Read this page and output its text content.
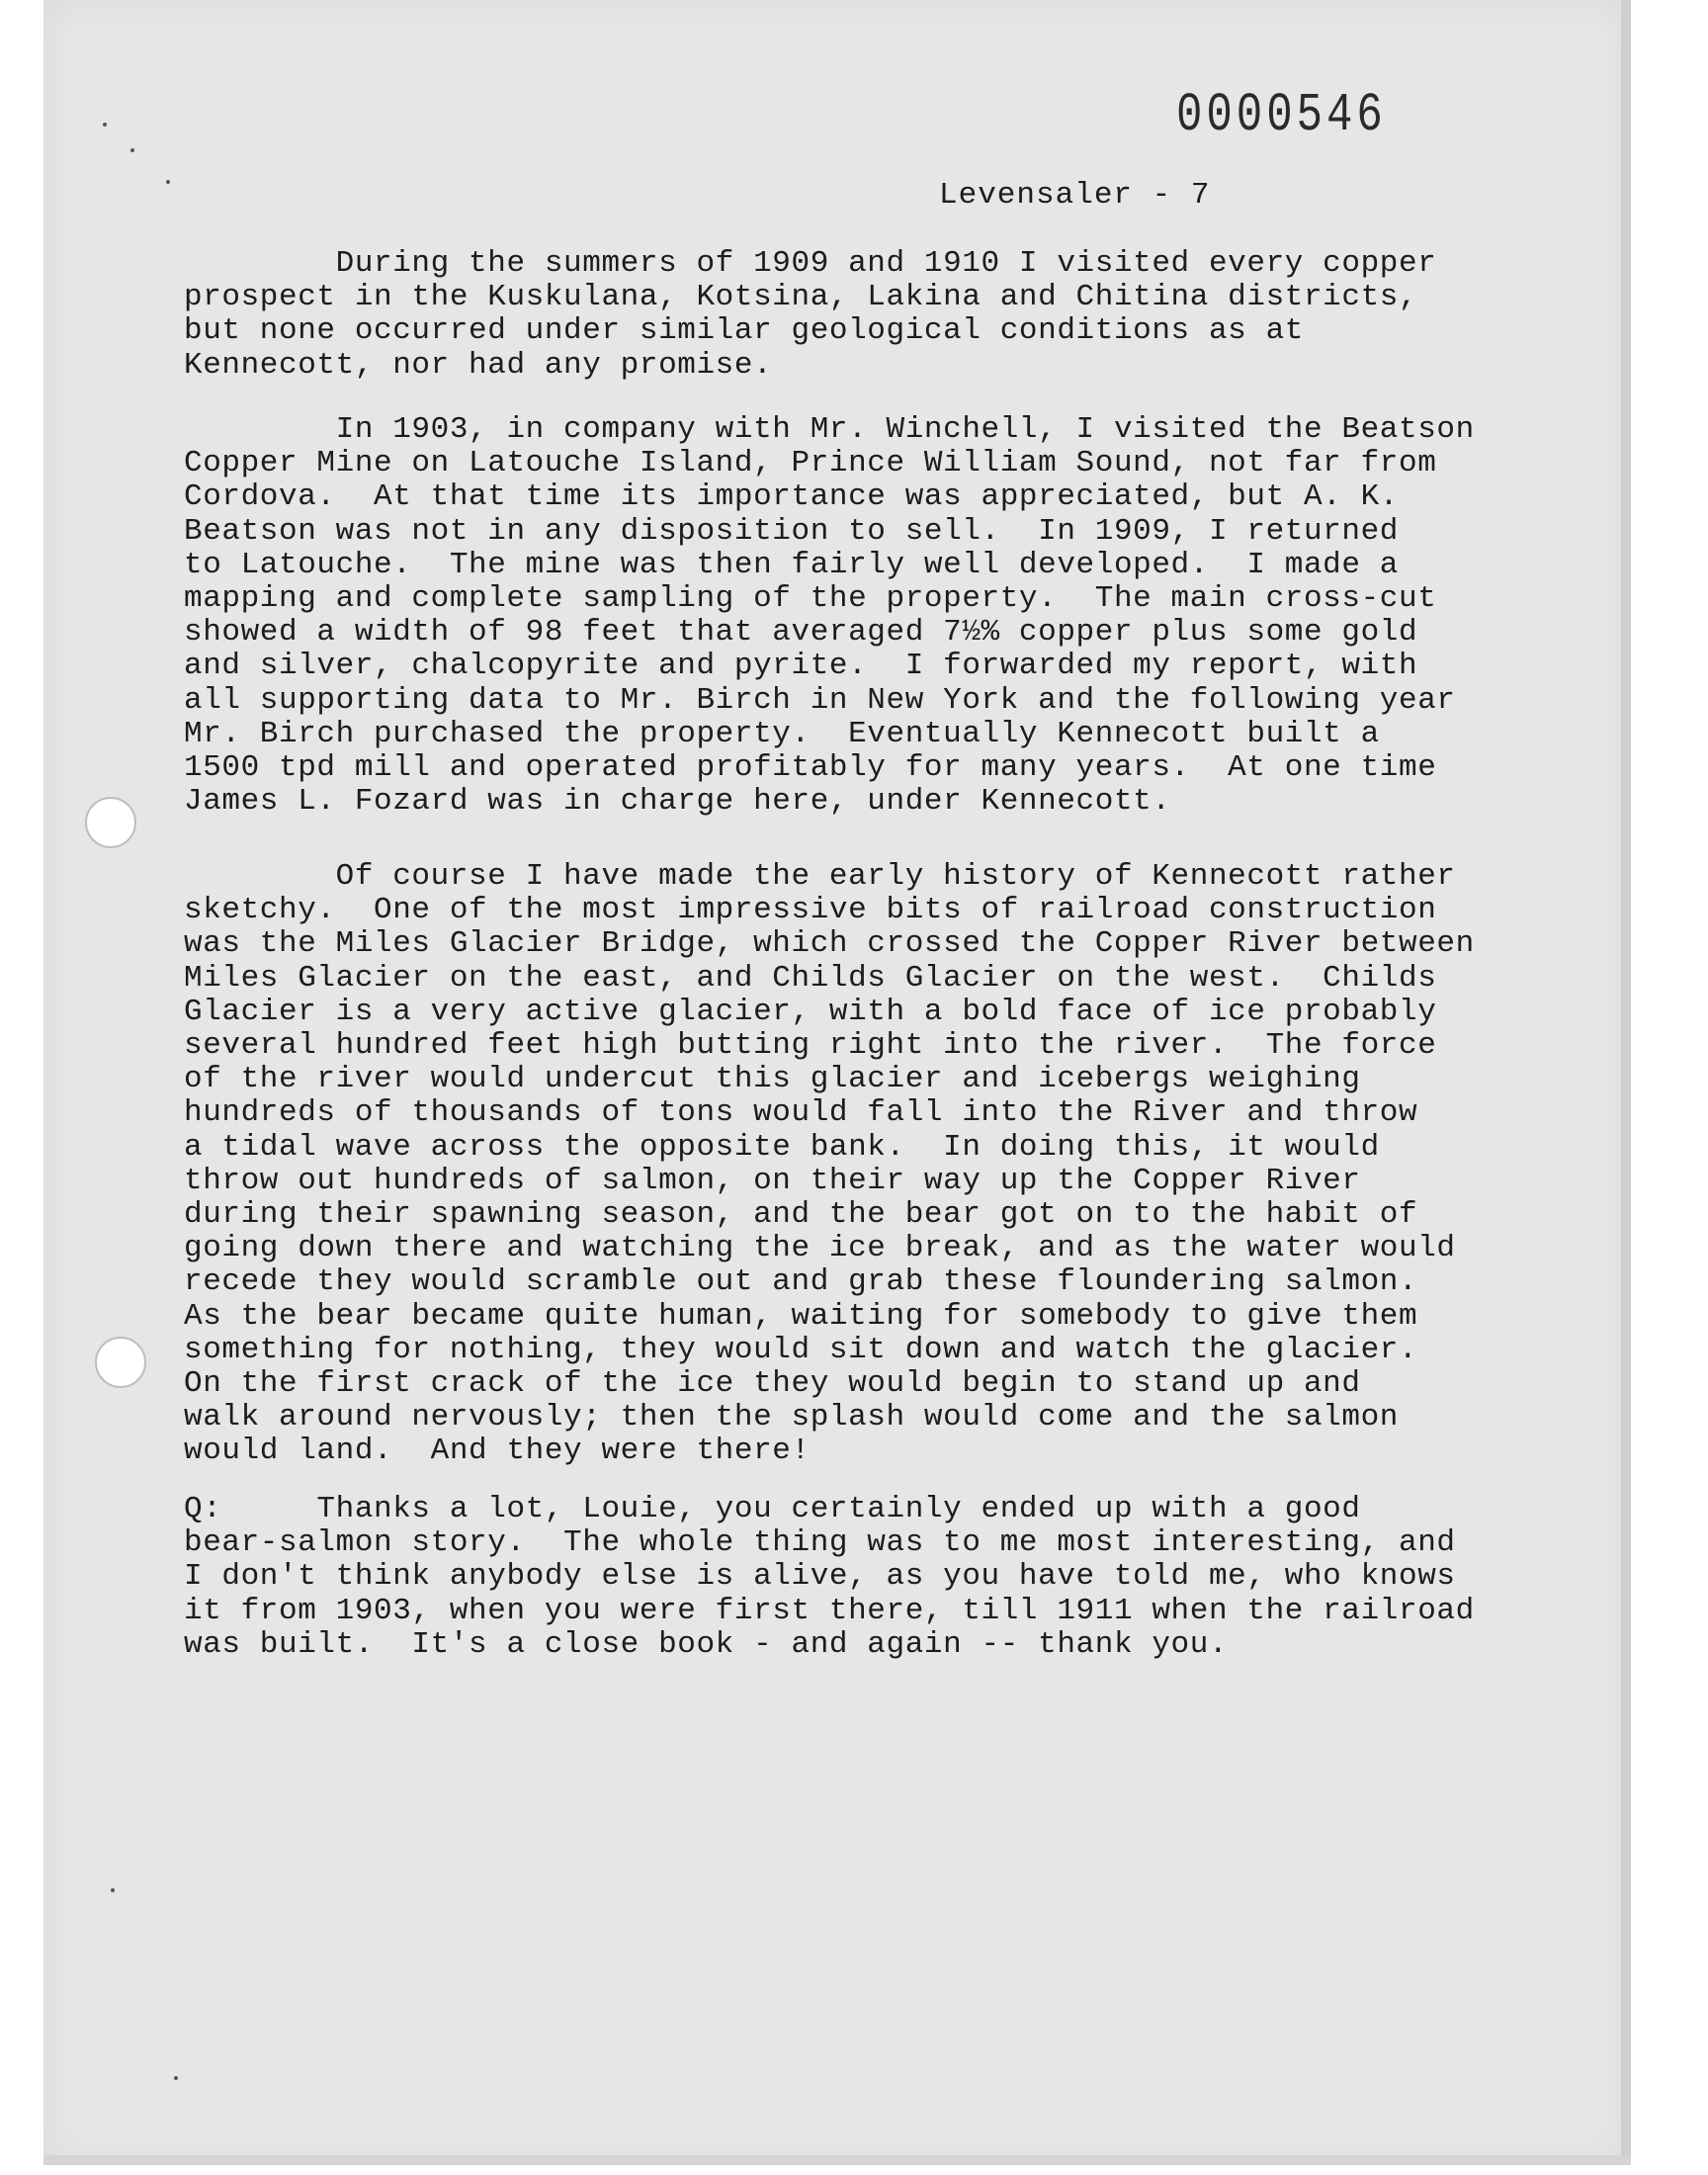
0000546
Levensaler - 7

During the summers of 1909 and 1910 I visited every copper
prospect in the Kuskulana, Kotsina, Lakina and Chitina districts,
but none occurred under similar geological conditions as at
Kennecott, nor had any promise.

In 1903, in company with Mr. Winchell, I visited the Beatson
Copper Mine on Latouche Island, Prince William Sound, not far from
Cordova.  At that time its importance was appreciated, but A. K.
Beatson was not in any disposition to sell.  In 1909, I returned
to Latouche.  The mine was then fairly well developed.  I made a
mapping and complete sampling of the property.  The main cross-cut
showed a width of 98 feet that averaged 7½% copper plus some gold
and silver, chalcopyrite and pyrite.  I forwarded my report, with
all supporting data to Mr. Birch in New York and the following year
Mr. Birch purchased the property.  Eventually Kennecott built a
1500 tpd mill and operated profitably for many years.  At one time
James L. Fozard was in charge here, under Kennecott.

Of course I have made the early history of Kennecott rather
sketchy.  One of the most impressive bits of railroad construction
was the Miles Glacier Bridge, which crossed the Copper River between
Miles Glacier on the east, and Childs Glacier on the west.  Childs
Glacier is a very active glacier, with a bold face of ice probably
several hundred feet high butting right into the river.  The force
of the river would undercut this glacier and icebergs weighing
hundreds of thousands of tons would fall into the River and throw
a tidal wave across the opposite bank.  In doing this, it would
throw out hundreds of salmon, on their way up the Copper River
during their spawning season, and the bear got on to the habit of
going down there and watching the ice break, and as the water would
recede they would scramble out and grab these floundering salmon.
As the bear became quite human, waiting for somebody to give them
something for nothing, they would sit down and watch the glacier.
On the first crack of the ice they would begin to stand up and
walk around nervously; then the splash would come and the salmon
would land.  And they were there!

Q:     Thanks a lot, Louie, you certainly ended up with a good
bear-salmon story.  The whole thing was to me most interesting, and
I don't think anybody else is alive, as you have told me, who knows
it from 1903, when you were first there, till 1911 when the railroad
was built.  It's a close book - and again -- thank you.
